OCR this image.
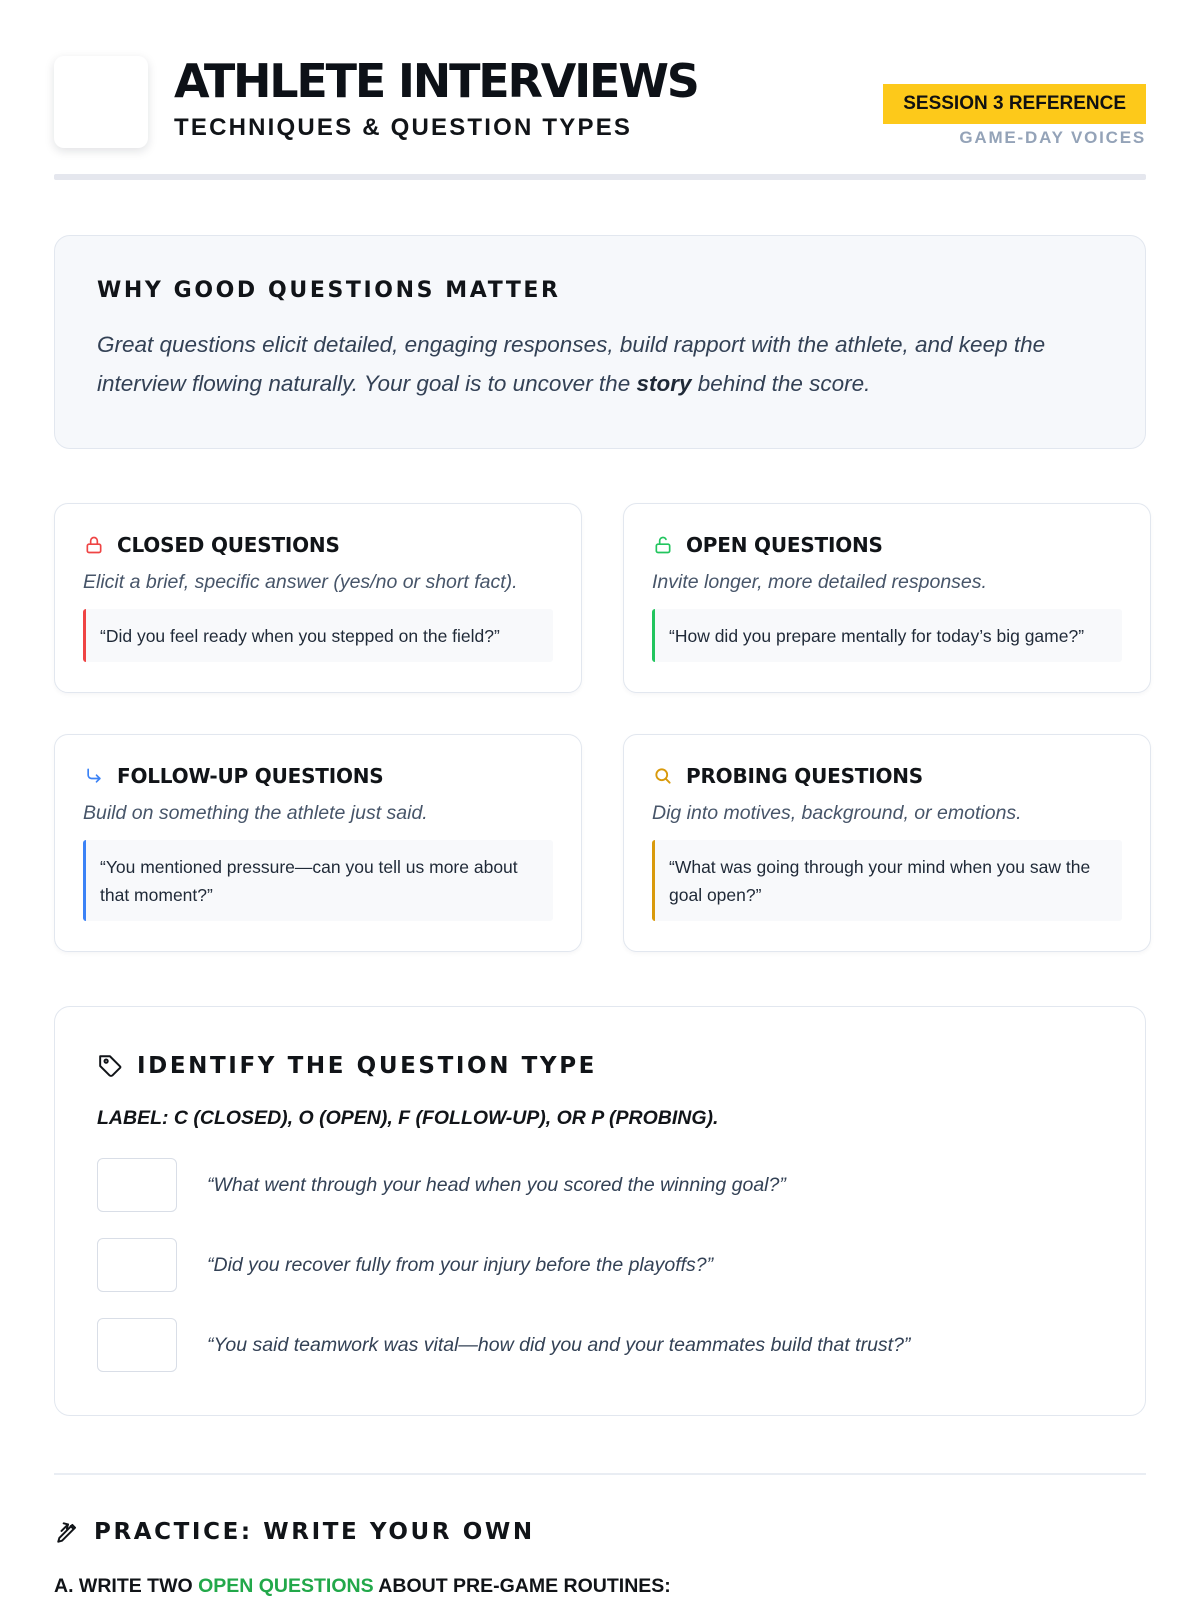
ATHLETE INTERVIEWS
TECHNIQUES & QUESTION TYPES
SESSION 3 REFERENCE
GAME-DAY VOICES
WHY GOOD QUESTIONS MATTER
Great questions elicit detailed, engaging responses, build rapport with the athlete, and keep the interview flowing naturally. Your goal is to uncover the story behind the score.
CLOSED QUESTIONS
Elicit a brief, specific answer (yes/no or short fact).
“Did you feel ready when you stepped on the field?”
OPEN QUESTIONS
Invite longer, more detailed responses.
“How did you prepare mentally for today’s big game?”
FOLLOW-UP QUESTIONS
Build on something the athlete just said.
“You mentioned pressure—can you tell us more about that moment?”
PROBING QUESTIONS
Dig into motives, background, or emotions.
“What was going through your mind when you saw the goal open?”
IDENTIFY THE QUESTION TYPE
LABEL: C (CLOSED), O (OPEN), F (FOLLOW-UP), OR P (PROBING).
“What went through your head when you scored the winning goal?”
“Did you recover fully from your injury before the playoffs?”
“You said teamwork was vital—how did you and your teammates build that trust?”
PRACTICE: WRITE YOUR OWN
A. WRITE TWO OPEN QUESTIONS ABOUT PRE-GAME ROUTINES:
